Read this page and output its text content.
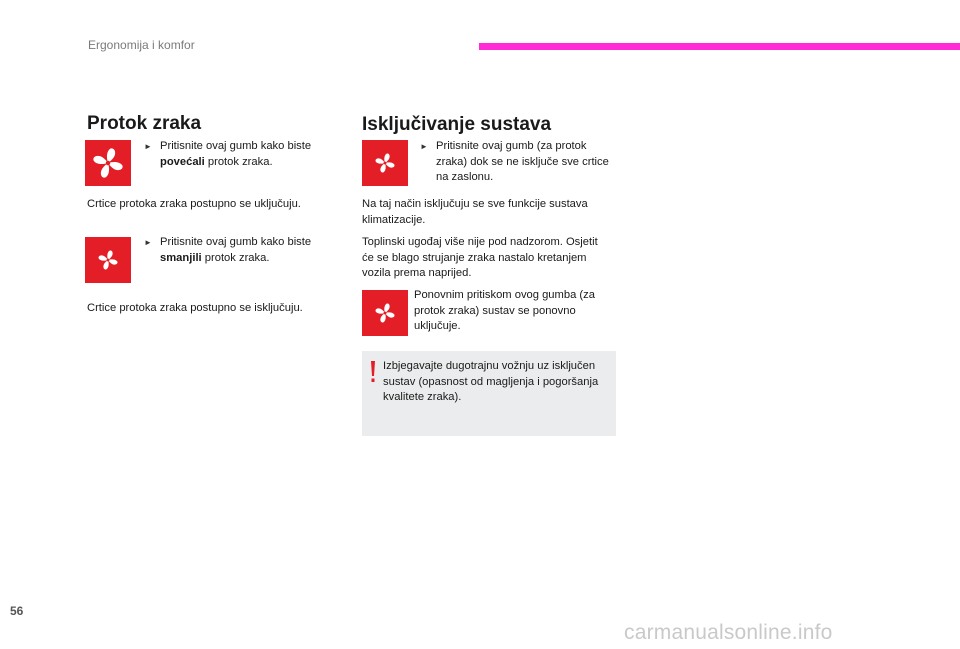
Ergonomija i komfor
Protok zraka
► Pritisnite ovaj gumb kako biste povećali protok zraka.
Crtice protoka zraka postupno se uključuju.
► Pritisnite ovaj gumb kako biste smanjili protok zraka.
Crtice protoka zraka postupno se isključuju.
Isključivanje sustava
► Pritisnite ovaj gumb (za protok zraka) dok se ne isključe sve crtice na zaslonu.
Na taj način isključuju se sve funkcije sustava klimatizacije.
Toplinski ugođaj više nije pod nadzorom. Osjetit će se blago strujanje zraka nastalo kretanjem vozila prema naprijed.
Ponovnim pritiskom ovog gumba (za protok zraka) sustav se ponovno uključuje.
Izbjegavajte dugotrajnu vožnju uz isključen sustav (opasnost od magljenja i pogoršanja kvalitete zraka).
56
carmanualsonline.info
